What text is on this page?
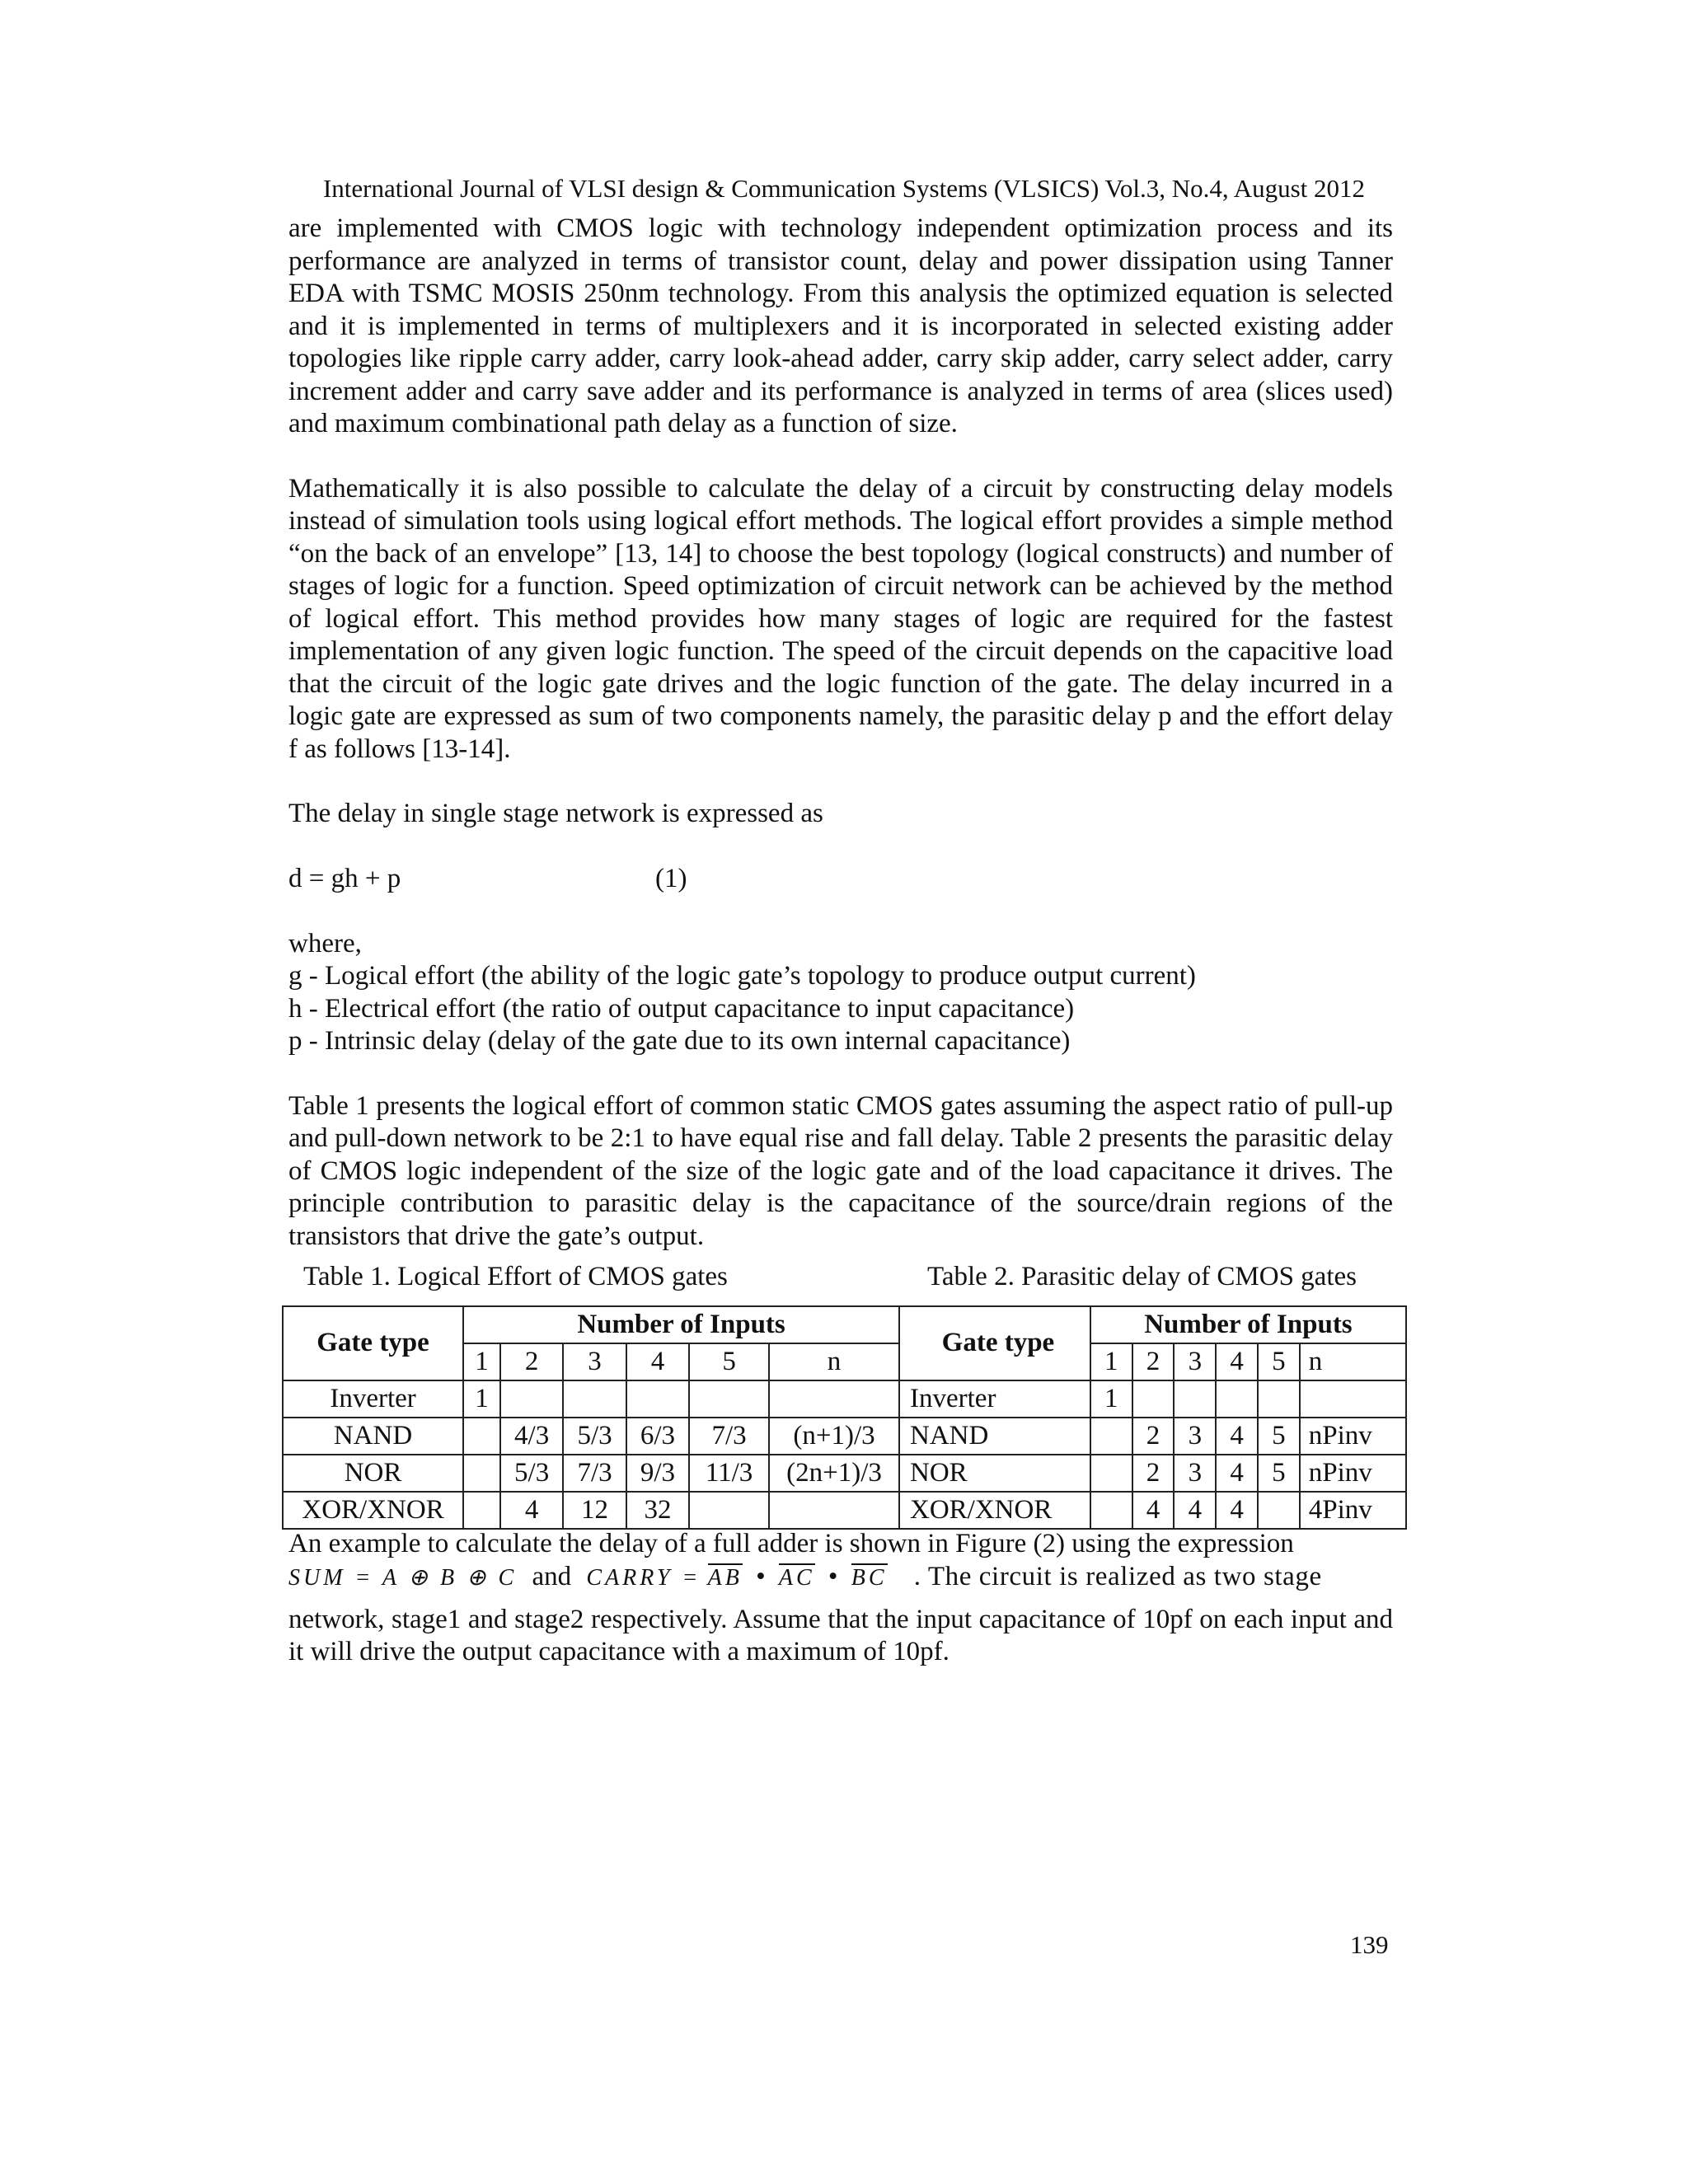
International Journal of VLSI design & Communication Systems (VLSICS) Vol.3, No.4, August 2012

are implemented with CMOS logic with technology independent optimization process and its performance are analyzed in terms of transistor count, delay and power dissipation using Tanner EDA with TSMC MOSIS 250nm technology. From this analysis the optimized equation is selected and it is implemented in terms of multiplexers and it is incorporated in selected existing adder topologies like ripple carry adder, carry look-ahead adder, carry skip adder, carry select adder, carry increment adder and carry save adder and its performance is analyzed in terms of area (slices used) and maximum combinational path delay as a function of size.

Mathematically it is also possible to calculate the delay of a circuit by constructing delay models instead of simulation tools using logical effort methods. The logical effort provides a simple method “on the back of an envelope” [13, 14] to choose the best topology (logical constructs) and number of stages of logic for a function. Speed optimization of circuit network can be achieved by the method of logical effort. This method provides how many stages of logic are required for the fastest implementation of any given logic function. The speed of the circuit depends on the capacitive load that the circuit of the logic gate drives and the logic function of the gate. The delay incurred in a logic gate are expressed as sum of two components namely, the parasitic delay p and the effort delay f as follows [13-14].

The delay in single stage network is expressed as

d = gh + p	(1)

where,

g - Logical effort (the ability of the logic gate’s topology to produce output current)

h - Electrical effort (the ratio of output capacitance to input capacitance)

p - Intrinsic delay (delay of the gate due to its own internal capacitance)

Table 1 presents the logical effort of common static CMOS gates assuming the aspect ratio of pull-up and pull-down network to be 2:1 to have equal rise and fall delay. Table 2 presents the parasitic delay of CMOS logic independent of the size of the logic gate and of the load capacitance it drives. The principle contribution to parasitic delay is the capacitance of the source/drain regions of the transistors that drive the gate’s output.

Table 1. Logical Effort of CMOS gates	Table 2. Parasitic delay of CMOS gates
Gate type	Number of Inputs					
	1	2	3	4	5	n
Inverter	1					
NAND		4/3	5/3	6/3	7/3	(n+1)/3
NOR		5/3	7/3	9/3	11/3	(2n+1)/3
XOR/XNOR		4	12	32		
Gate type	Number of Inputs					
	1	2	3	4	5	n
Inverter	1					
NAND		2	3	4	5	nPinv
NOR		2	3	4	5	nPinv
XOR/XNOR		4	4	4		4Pinv

An example to calculate the delay of a full adder is shown in Figure (2) using the expression

SUM = A ⊕ B ⊕ C and CARRY = AB • AC • BC . The circuit is realized as two stage

network, stage1 and stage2 respectively. Assume that the input capacitance of 10pf on each input and it will drive the output capacitance with a maximum of 10pf.

139
